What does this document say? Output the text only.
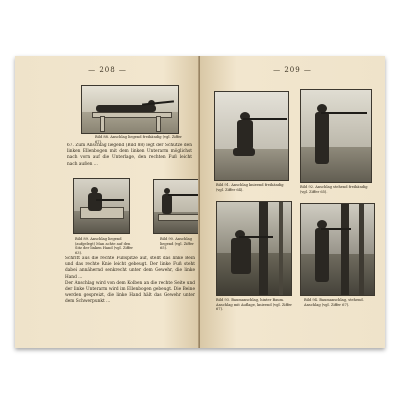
— 208 —
Bild 88. Anschlag liegend freihändig (vgl. Ziffer 67).
67. Zum Anschlag liegend (Bild 88) legt der Schütze den linken Ellenbogen mit dem linken Unterarm möglichst nach vorn auf die Unterlage, den rechten Fuß leicht nach außen ...
Bild 89. Anschlag liegend (aufgelegt) Man achte auf den Sitz der linken Hand (vgl. Ziffer 63).
Bild 90. Anschlag liegend (vgl. Ziffer 65).
Schritt aus die rechte Fußspitze auf, stellt das linke Bein und das rechte Knie leicht gebeugt. Der linke Fuß steht dabei annähernd senkrecht unter dem Gewehr, die linke Hand ...
Der Anschlag wird von dem Kolben an die rechte Seite und der linke Unterarm wird im Ellenbogen gebeugt. Die Beine werden gespreizt, die linke Hand hält das Gewehr unter dem Schwerpunkt ...
— 209 —
Bild 91. Anschlag knieend freihändig (vgl. Ziffer 64).
Bild 92. Anschlag stehend freihändig (vgl. Ziffer 65).
Bild 93. Baumanschlag, hinter Baum. Anschlag mit Auflage, knieend (vgl. Ziffer 67).
Bild 94. Baumanschlag, stehend. Anschlag (vgl. Ziffer 67).
